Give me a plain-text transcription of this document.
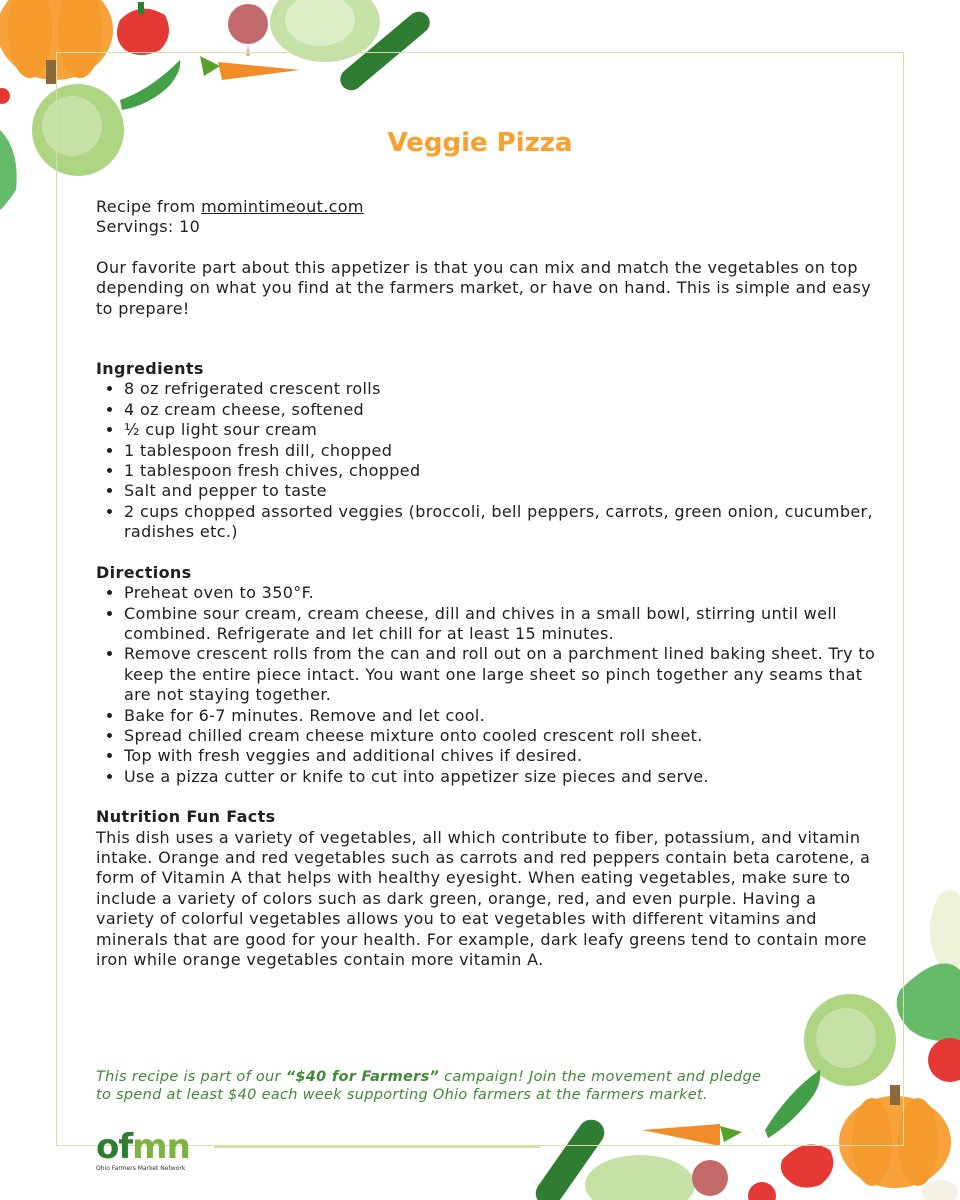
Veggie Pizza

Recipe from momintimeout.com

Servings: 10

Our favorite part about this appetizer is that you can mix and match the vegetables on top depending on what you find at the farmers market, or have on hand. This is simple and easy to prepare!

Ingredients

• 8 oz refrigerated crescent rolls
• 4 oz cream cheese, softened
• ½ cup light sour cream
• 1 tablespoon fresh dill, chopped
• 1 tablespoon fresh chives, chopped
• Salt and pepper to taste
• 2 cups chopped assorted veggies (broccoli, bell peppers, carrots, green onion, cucumber, radishes etc.)

Directions

• Preheat oven to 350°F.
• Combine sour cream, cream cheese, dill and chives in a small bowl, stirring until well combined. Refrigerate and let chill for at least 15 minutes.
• Remove crescent rolls from the can and roll out on a parchment lined baking sheet. Try to keep the entire piece intact. You want one large sheet so pinch together any seams that are not staying together.
• Bake for 6-7 minutes. Remove and let cool.
• Spread chilled cream cheese mixture onto cooled crescent roll sheet.
• Top with fresh veggies and additional chives if desired.
• Use a pizza cutter or knife to cut into appetizer size pieces and serve.

Nutrition Fun Facts

This dish uses a variety of vegetables, all which contribute to fiber, potassium, and vitamin intake. Orange and red vegetables such as carrots and red peppers contain beta carotene, a form of Vitamin A that helps with healthy eyesight. When eating vegetables, make sure to include a variety of colors such as dark green, orange, red, and even purple. Having a variety of colorful vegetables allows you to eat vegetables with different vitamins and minerals that are good for your health. For example, dark leafy greens tend to contain more iron while orange vegetables contain more vitamin A.

This recipe is part of our “$40 for Farmers” campaign! Join the movement and pledge to spend at least $40 each week supporting Ohio farmers at the farmers market.
ofmn
Ohio Farmers Market Network
